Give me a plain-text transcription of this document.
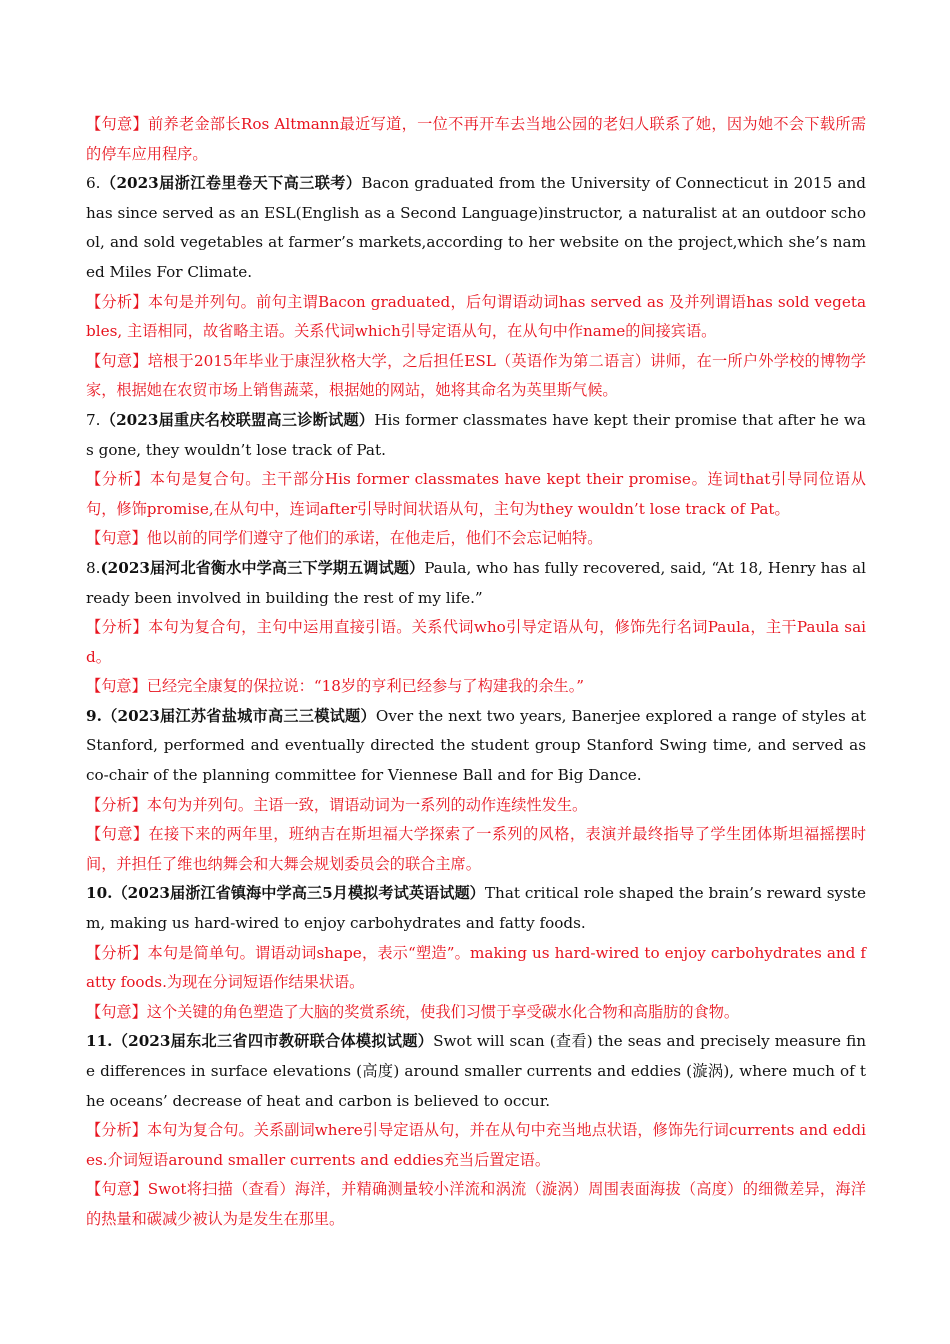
【句意】前养老金部长Ros Altmann最近写道，一位不再开车去当地公园的老妇人联系了她，因为她不会下载所需的停车应用程序。

6.（2023届浙江卷里卷天下高三联考）Bacon graduated from the University of Connecticut in 2015 and has since served as an ESL(English as a Second Language)instructor, a naturalist at an outdoor school, and sold vegetables at farmer’s markets,according to her website on the project,which she’s named Miles For Climate.

【分析】本句是并列句。前句主谓Bacon graduated，后句谓语动词has served as 及并列谓语has sold vegetables, 主语相同，故省略主语。关系代词which引导定语从句，在从句中作name的间接宾语。

【句意】培根于2015年毕业于康涅狄格大学，之后担任ESL（英语作为第二语言）讲师，在一所户外学校的博物学家，根据她在农贸市场上销售蔬菜，根据她的网站，她将其命名为英里斯气候。

7.（2023届重庆名校联盟高三诊断试题）His former classmates have kept their promise that after he was gone, they wouldn’t lose track of Pat.

【分析】本句是复合句。主干部分His former classmates have kept their promise。连词that引导同位语从句，修饰promise,在从句中，连词after引导时间状语从句，主句为they wouldn’t lose track of Pat。

【句意】他以前的同学们遵守了他们的承诺，在他走后，他们不会忘记帕特。

8.(2023届河北省衡水中学高三下学期五调试题）Paula, who has fully recovered, said, “At 18, Henry has already been involved in building the rest of my life.”

【分析】本句为复合句，主句中运用直接引语。关系代词who引导定语从句，修饰先行名词Paula，主干Paula said。

【句意】已经完全康复的保拉说：“18岁的亨利已经参与了构建我的余生。”

9.（2023届江苏省盐城市高三三模试题）Over the next two years, Banerjee explored a range of styles at Stanford, performed and eventually directed the student group Stanford Swing time, and served as co-chair of the planning committee for Viennese Ball and for Big Dance.

【分析】本句为并列句。主语一致，谓语动词为一系列的动作连续性发生。

【句意】在接下来的两年里，班纳吉在斯坦福大学探索了一系列的风格，表演并最终指导了学生团体斯坦福摇摆时间，并担任了维也纳舞会和大舞会规划委员会的联合主席。

10.（2023届浙江省镇海中学高三5月模拟考试英语试题）That critical role shaped the brain’s reward system, making us hard-wired to enjoy carbohydrates and fatty foods.

【分析】本句是简单句。谓语动词shape，表示“塑造”。making us hard-wired to enjoy carbohydrates and fatty foods.为现在分词短语作结果状语。

【句意】这个关键的角色塑造了大脑的奖赏系统，使我们习惯于享受碳水化合物和高脂肪的食物。

11.（2023届东北三省四市教研联合体模拟试题）Swot will scan (查看) the seas and precisely measure fine differences in surface elevations (高度) around smaller currents and eddies (漩涡), where much of the oceans’ decrease of heat and carbon is believed to occur.

【分析】本句为复合句。关系副词where引导定语从句，并在从句中充当地点状语，修饰先行词currents and eddies.介词短语around smaller currents and eddies充当后置定语。

【句意】Swot将扫描（查看）海洋，并精确测量较小洋流和涡流（漩涡）周围表面海拔（高度）的细微差异，海洋的热量和碳减少被认为是发生在那里。
